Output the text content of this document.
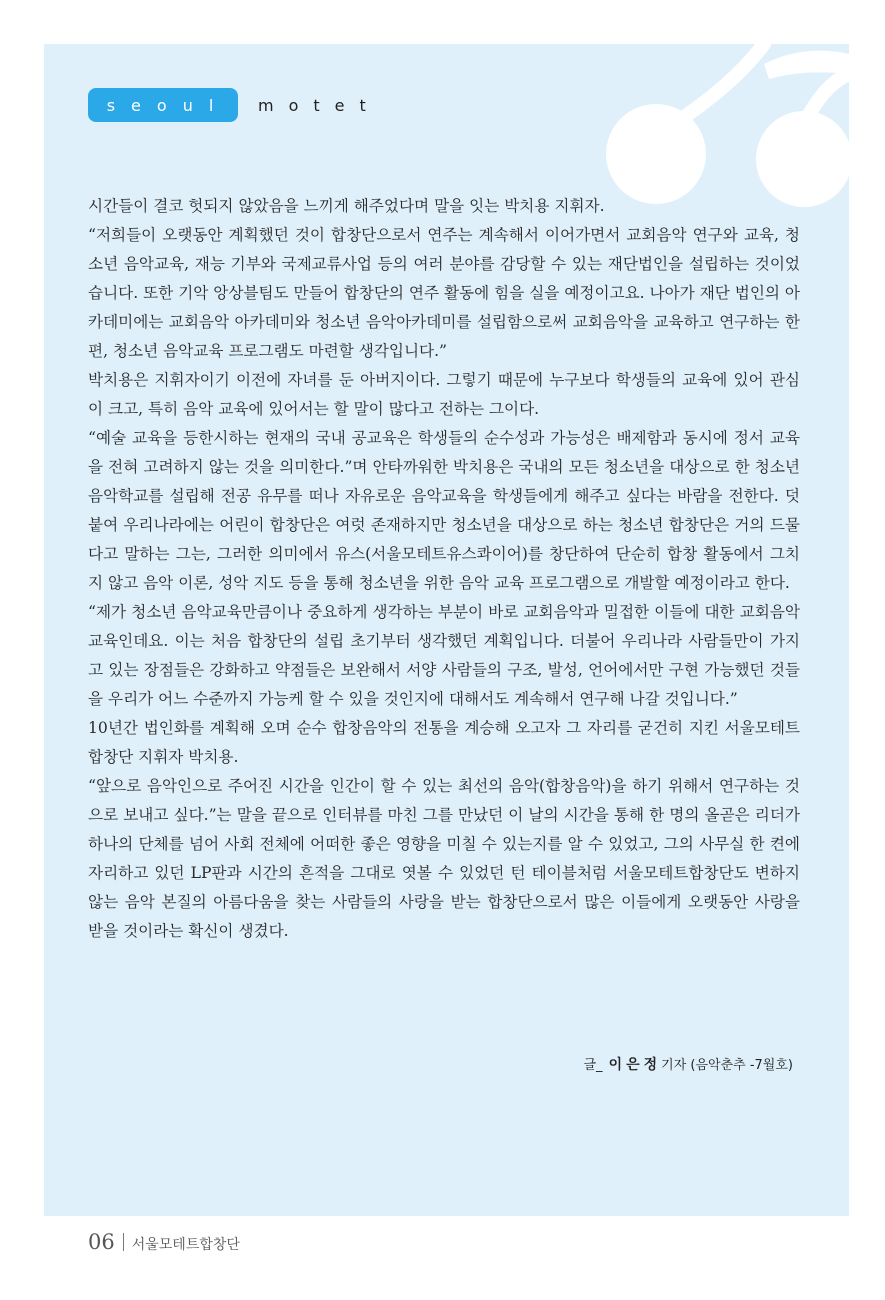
seoul	motet

시간들이 결코 헛되지 않았음을 느끼게 해주었다며 말을 잇는 박치용 지휘자.

“저희들이 오랫동안 계획했던 것이 합창단으로서 연주는 계속해서 이어가면서 교회음악 연구와 교육, 청소년 음악교육, 재능 기부와 국제교류사업 등의 여러 분야를 감당할 수 있는 재단법인을 설립하는 것이었습니다. 또한 기악 앙상블팀도 만들어 합창단의 연주 활동에 힘을 실을 예정이고요. 나아가 재단 법인의 아카데미에는 교회음악 아카데미와 청소년 음악아카데미를 설립함으로써 교회음악을 교육하고 연구하는 한편, 청소년 음악교육 프로그램도 마련할 생각입니다.”

박치용은 지휘자이기 이전에 자녀를 둔 아버지이다. 그렇기 때문에 누구보다 학생들의 교육에 있어 관심이 크고, 특히 음악 교육에 있어서는 할 말이 많다고 전하는 그이다.

“예술 교육을 등한시하는 현재의 국내 공교육은 학생들의 순수성과 가능성은 배제함과 동시에 정서 교육을 전혀 고려하지 않는 것을 의미한다.”며 안타까워한 박치용은 국내의 모든 청소년을 대상으로 한 청소년 음악학교를 설립해 전공 유무를 떠나 자유로운 음악교육을 학생들에게 해주고 싶다는 바람을 전한다. 덧붙여 우리나라에는 어린이 합창단은 여럿 존재하지만 청소년을 대상으로 하는 청소년 합창단은 거의 드물다고 말하는 그는, 그러한 의미에서 유스(서울모테트유스콰이어)를 창단하여 단순히 합창 활동에서 그치지 않고 음악 이론, 성악 지도 등을 통해 청소년을 위한 음악 교육 프로그램으로 개발할 예정이라고 한다.

“제가 청소년 음악교육만큼이나 중요하게 생각하는 부분이 바로 교회음악과 밀접한 이들에 대한 교회음악 교육인데요. 이는 처음 합창단의 설립 초기부터 생각했던 계획입니다. 더불어 우리나라 사람들만이 가지고 있는 장점들은 강화하고 약점들은 보완해서 서양 사람들의 구조, 발성, 언어에서만 구현 가능했던 것들을 우리가 어느 수준까지 가능케 할 수 있을 것인지에 대해서도 계속해서 연구해 나갈 것입니다.”

10년간 법인화를 계획해 오며 순수 합창음악의 전통을 계승해 오고자 그 자리를 굳건히 지킨 서울모테트합창단 지휘자 박치용.

“앞으로 음악인으로 주어진 시간을 인간이 할 수 있는 최선의 음악(합창음악)을 하기 위해서 연구하는 것으로 보내고 싶다.”는 말을 끝으로 인터뷰를 마친 그를 만났던 이 날의 시간을 통해 한 명의 올곧은 리더가 하나의 단체를 넘어 사회 전체에 어떠한 좋은 영향을 미칠 수 있는지를 알 수 있었고, 그의 사무실 한 켠에 자리하고 있던 LP판과 시간의 흔적을 그대로 엿볼 수 있었던 턴 테이블처럼 서울모테트합창단도 변하지 않는 음악 본질의 아름다움을 찾는 사람들의 사랑을 받는 합창단으로서 많은 이들에게 오랫동안 사랑을 받을 것이라는 확신이 생겼다.

글_ 이은정기자 (음악춘추 -7월호)
06 서울모테트합창단
